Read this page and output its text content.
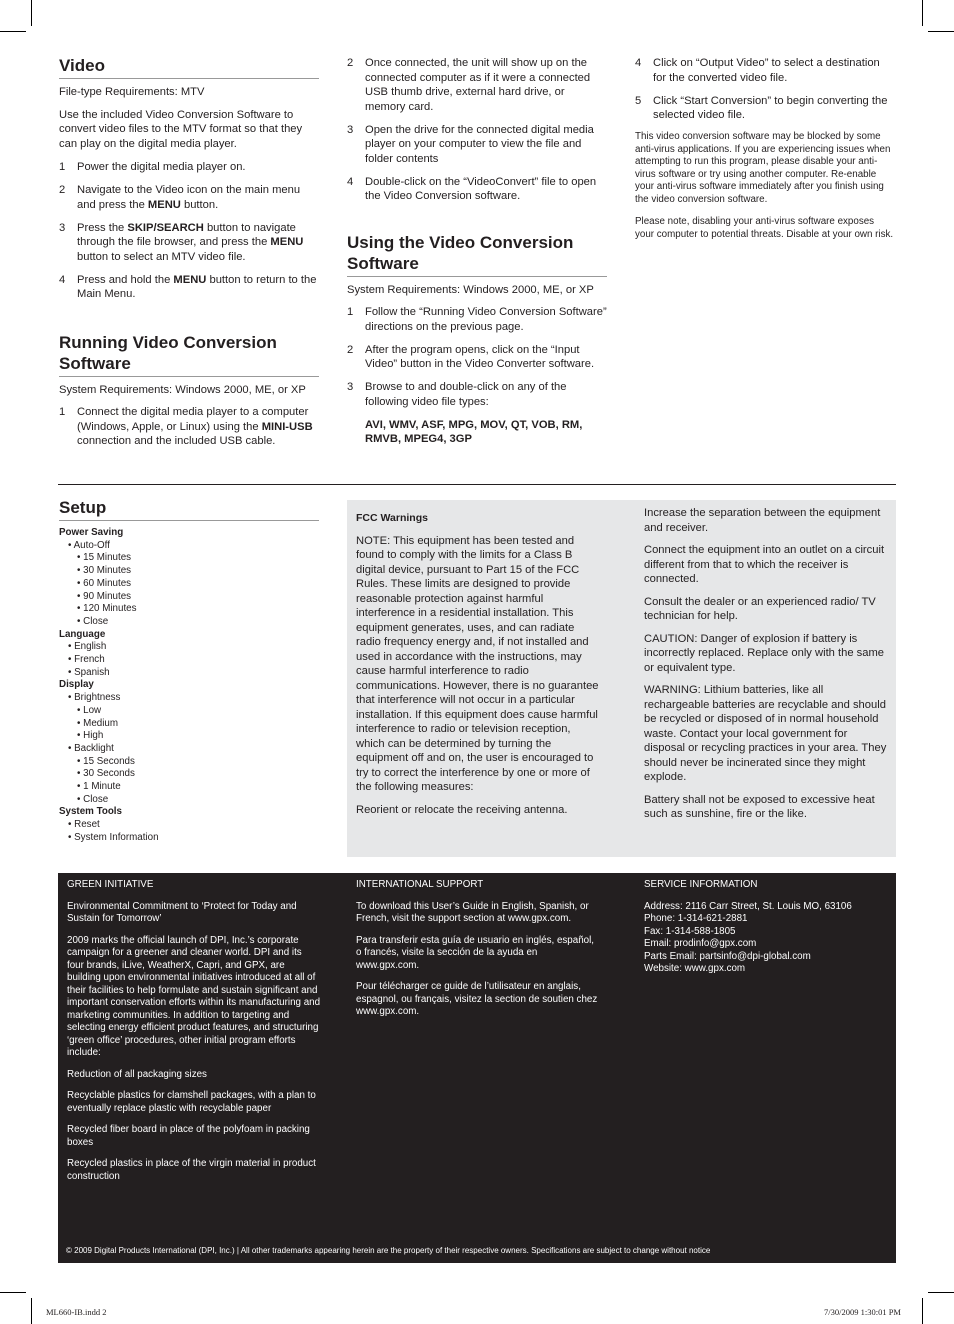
Video
File-type Requirements: MTV
Use the included Video Conversion Software to convert video files to the MTV format so that they can play on the digital media player.
1	Power the digital media player on.
2	Navigate to the Video icon on the main menu and press the MENU button.
3	Press the SKIP/SEARCH button to navigate through the file browser, and press the MENU button to select an MTV video file.
4	Press and hold the MENU button to return to the Main Menu.
Running Video Conversion Software
System Requirements: Windows 2000, ME, or XP
1	Connect the digital media player to a computer (Windows, Apple, or Linux) using the MINI-USB connection and the included USB cable.
2	Once connected, the unit will show up on the connected computer as if it were a connected USB thumb drive, external hard drive, or memory card.
3	Open the drive for the connected digital media player on your computer to view the file and folder contents
4	Double-click on the “VideoConvert” file to open the Video Conversion software.
Using the Video Conversion Software
System Requirements: Windows 2000, ME, or XP
1	Follow the “Running Video Conversion Software” directions on the previous page.
2	After the program opens, click on the “Input Video” button in the Video Converter software.
3	Browse to and double-click on any of the following video file types:
AVI, WMV, ASF, MPG, MOV, QT, VOB, RM, RMVB, MPEG4, 3GP
4	Click on “Output Video” to select a destination for the converted video file.
5	Click “Start Conversion” to begin converting the selected video file.
This video conversion software may be blocked by some anti-virus applications. If you are experiencing issues when attempting to run this program, please disable your anti-virus software or try using another computer. Re-enable your anti-virus software immediately after you finish using the video conversion software.
Please note, disabling your anti-virus software exposes your computer to potential threats. Disable at your own risk.
Setup
Power Saving
• Auto-Off
• 15 Minutes
• 30 Minutes
• 60 Minutes
• 90 Minutes
• 120 Minutes
• Close
Language
• English
• French
• Spanish
Display
• Brightness
• Low
• Medium
• High
• Backlight
• 15 Seconds
• 30 Seconds
• 1 Minute
• Close
System Tools
• Reset
• System Information
FCC Warnings
NOTE: This equipment has been tested and found to comply with the limits for a Class B digital device, pursuant to Part 15 of the FCC Rules. These limits are designed to provide reasonable protection against harmful interference in a residential installation. This equipment generates, uses, and can radiate radio frequency energy and, if not installed and used in accordance with the instructions, may cause harmful interference to radio communications. However, there is no guarantee that interference will not occur in a particular installation. If this equipment does cause harmful interference to radio or television reception, which can be determined by turning the equipment off and on, the user is encouraged to try to correct the interference by one or more of the following measures:
Reorient or relocate the receiving antenna.
Increase the separation between the equipment and receiver.
Connect the equipment into an outlet on a circuit different from that to which the receiver is connected.
Consult the dealer or an experienced radio/ TV technician for help.
CAUTION: Danger of explosion if battery is incorrectly replaced. Replace only with the same or equivalent type.
WARNING: Lithium batteries, like all rechargeable batteries are recyclable and should be recycled or disposed of in normal household waste. Contact your local government for disposal or recycling practices in your area. They should never be incinerated since they might explode.
Battery shall not be exposed to excessive heat such as sunshine, fire or the like.
GREEN INITIATIVE
Environmental Commitment to ‘Protect for Today and Sustain for Tomorrow’
2009 marks the official launch of DPI, Inc.’s corporate campaign for a greener and cleaner world. DPI and its four brands, iLive, WeatherX, Capri, and GPX, are building upon environmental initiatives introduced at all of their facilities to help formulate and sustain significant and important conservation efforts within its manufacturing and marketing communities. In addition to targeting and selecting energy efficient product features, and structuring ‘green office’ procedures, other initial program efforts include:
Reduction of all packaging sizes
Recyclable plastics for clamshell packages, with a plan to eventually replace plastic with recyclable paper
Recycled fiber board in place of the polyfoam in packing boxes
Recycled plastics in place of the virgin material in product construction
INTERNATIONAL SUPPORT
To download this User’s Guide in English, Spanish, or French, visit the support section at www.gpx.com.
Para transferir esta guía de usuario en inglés, español, o francés, visite la sección de la ayuda en www.gpx.com.
Pour télécharger ce guide de l’utilisateur en anglais, espagnol, ou français, visitez la section de soutien chez www.gpx.com.
SERVICE INFORMATION
Address: 2116 Carr Street, St. Louis MO, 63106
Phone: 1-314-621-2881
Fax: 1-314-588-1805
Email: prodinfo@gpx.com
Parts Email: partsinfo@dpi-global.com
Website: www.gpx.com
© 2009 Digital Products International (DPI, Inc.) | All other trademarks appearing herein are the property of their respective owners. Specifications are subject to change without notice
ML660-IB.indd 2	7/30/2009 1:30:01 PM
